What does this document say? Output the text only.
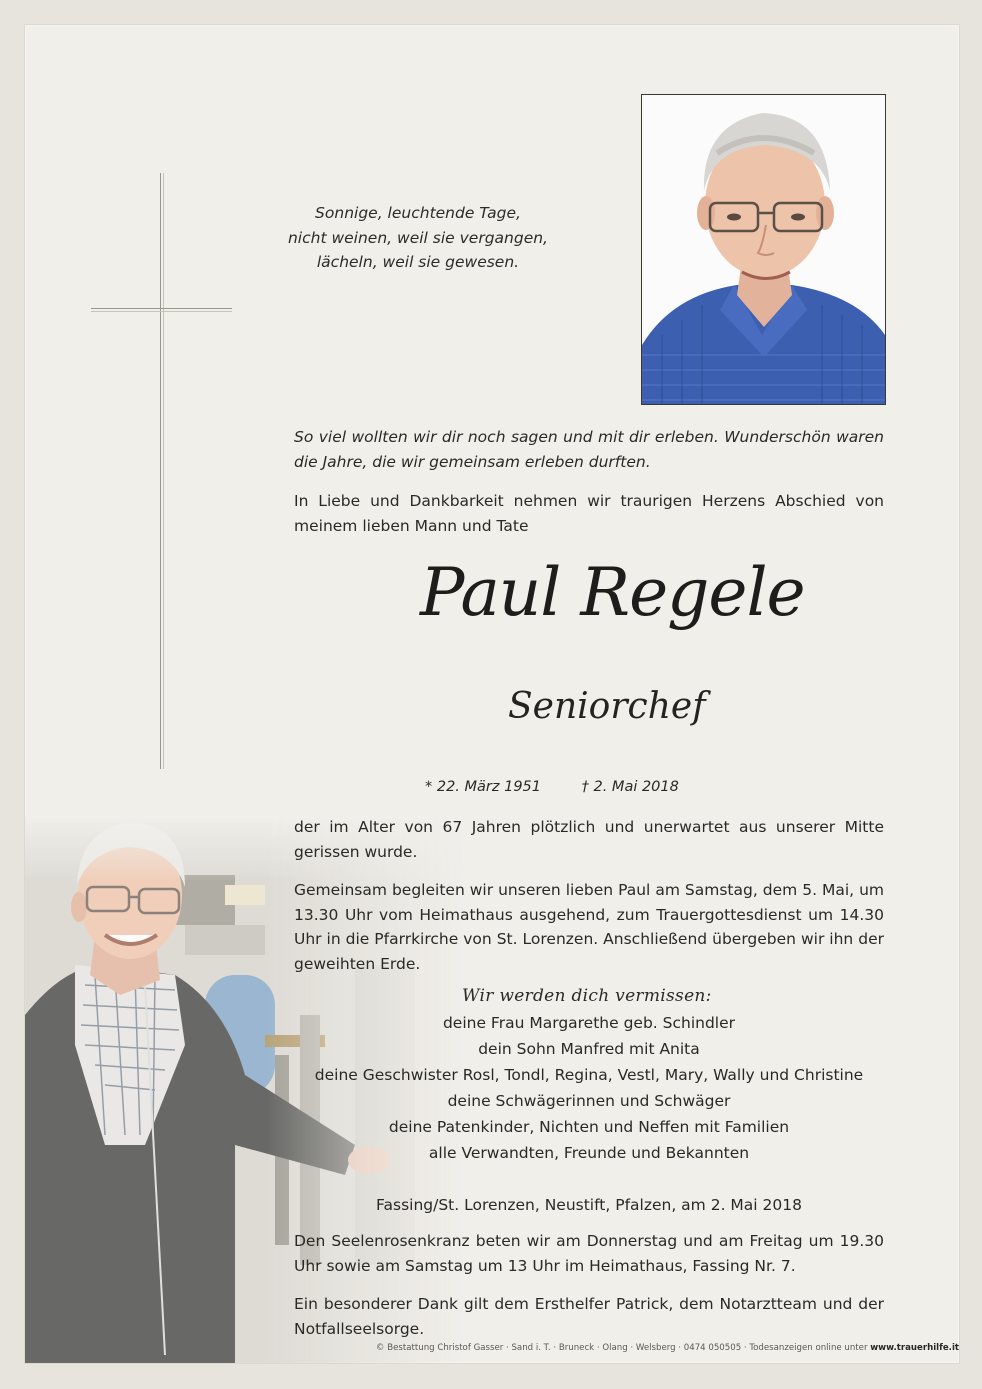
Sonnige, leuchtende Tage,
nicht weinen, weil sie vergangen,
lächeln, weil sie gewesen.
So viel wollten wir dir noch sagen und mit dir erleben. Wunderschön waren die Jahre, die wir gemeinsam erleben durften.
In Liebe und Dankbarkeit nehmen wir traurigen Herzens Abschied von meinem lieben Mann und Tate
Paul Regele
Seniorchef
* 22. März 1951	† 2. Mai 2018
der im Alter von 67 Jahren plötzlich und unerwartet aus unserer Mitte gerissen wurde.
Gemeinsam begleiten wir unseren lieben Paul am Samstag, dem 5. Mai, um 13.30 Uhr vom Heimathaus ausgehend, zum Trauergottesdienst um 14.30 Uhr in die Pfarrkirche von St. Lorenzen. Anschließend übergeben wir ihn der geweihten Erde.
Wir werden dich vermissen:
deine Frau Margarethe geb. Schindler
dein Sohn Manfred mit Anita
deine Geschwister Rosl, Tondl, Regina, Vestl, Mary, Wally und Christine
deine Schwägerinnen und Schwäger
deine Patenkinder, Nichten und Neffen mit Familien
alle Verwandten, Freunde und Bekannten
Fassing/St. Lorenzen, Neustift, Pfalzen, am 2. Mai 2018
Den Seelenrosenkranz beten wir am Donnerstag und am Freitag um 19.30 Uhr sowie am Samstag um 13 Uhr im Heimathaus, Fassing Nr. 7.
Ein besonderer Dank gilt dem Ersthelfer Patrick, dem Notarztteam und der Notfallseelsorge.
© Bestattung Christof Gasser · Sand i. T. · Bruneck · Olang · Welsberg · 0474 050505 · Todesanzeigen online unter www.trauerhilfe.it
